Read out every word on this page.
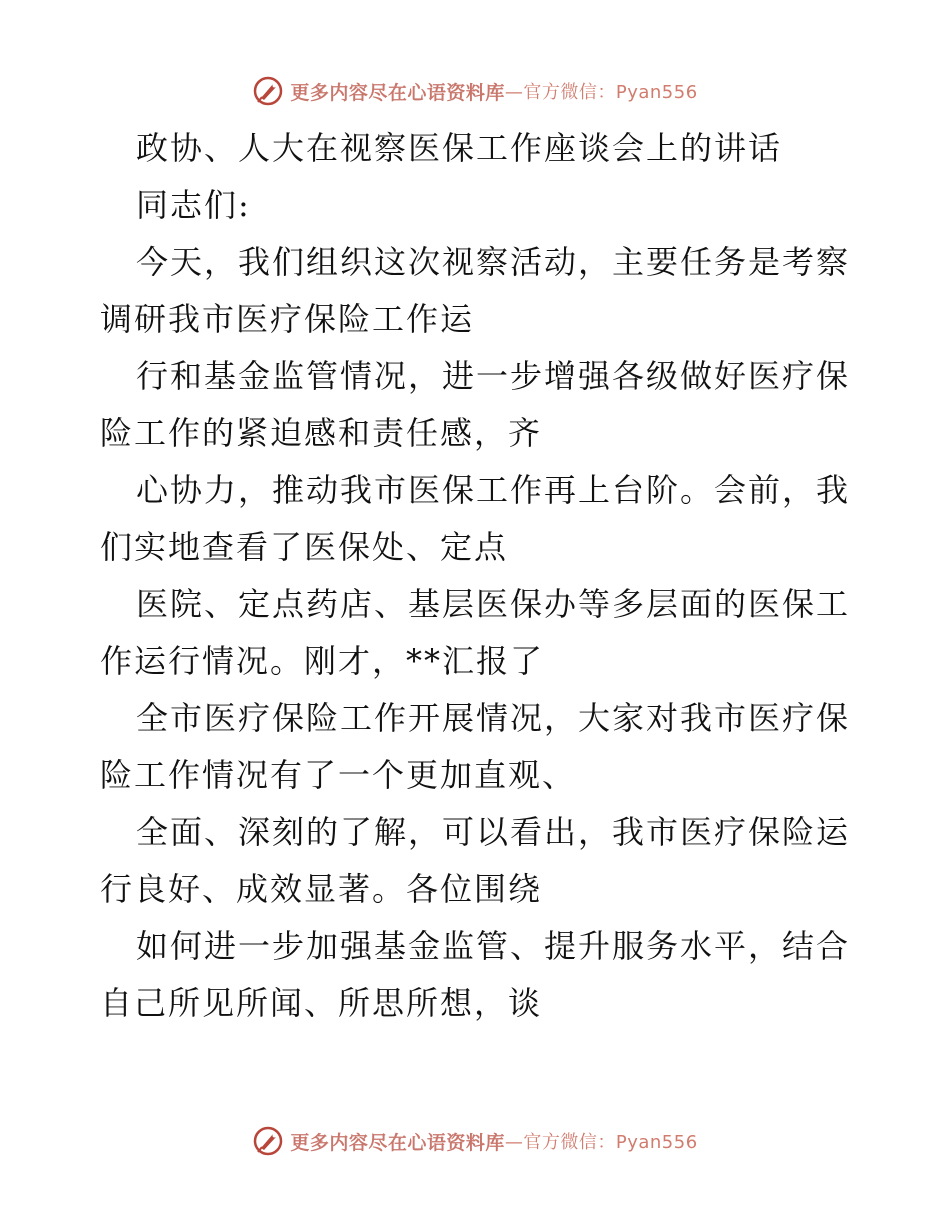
更多内容尽在心语资料库 —官方微信：Pyan556
政协、人大在视察医保工作座谈会上的讲话
同志们:
今天，我们组织这次视察活动，主要任务是考察
调研我市医疗保险工作运
行和基金监管情况，进一步增强各级做好医疗保
险工作的紧迫感和责任感，齐
心协力，推动我市医保工作再上台阶。会前，我
们实地查看了医保处、定点
医院、定点药店、基层医保办等多层面的医保工
作运行情况。刚才，**汇报了
全市医疗保险工作开展情况，大家对我市医疗保
险工作情况有了一个更加直观、
全面、深刻的了解，可以看出，我市医疗保险运
行良好、成效显著。各位围绕
如何进一步加强基金监管、提升服务水平，结合
自己所见所闻、所思所想，谈
更多内容尽在心语资料库 —官方微信：Pyan556
